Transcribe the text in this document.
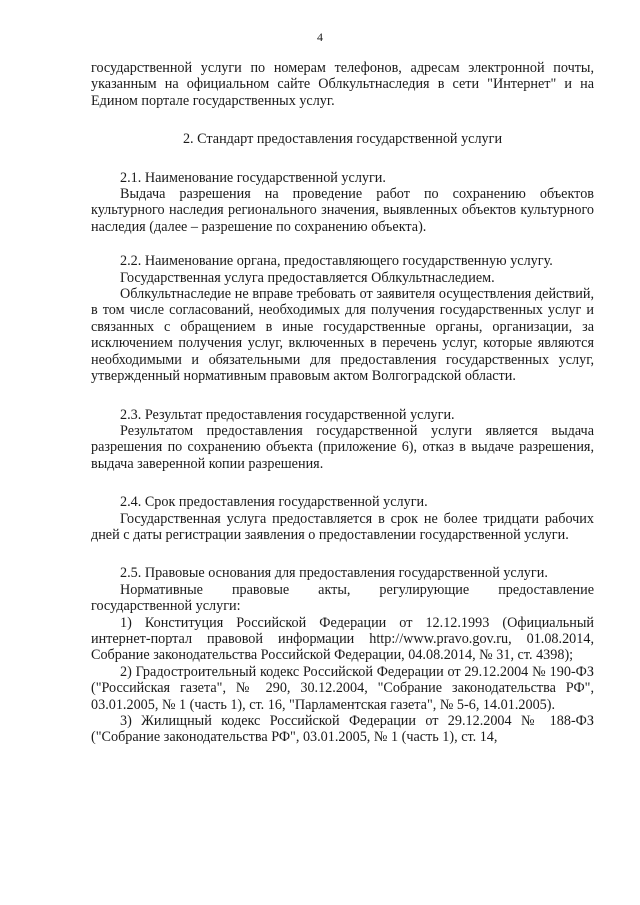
4

государственной услуги по номерам телефонов, адресам электронной почты, указанным на официальном сайте Облкультнаследия в сети "Интернет" и на Едином портале государственных услуг.

2. Стандарт предоставления государственной услуги

2.1. Наименование государственной услуги.

Выдача разрешения на проведение работ по сохранению объектов культурного наследия регионального значения, выявленных объектов культурного наследия (далее – разрешение по сохранению объекта).

2.2. Наименование органа, предоставляющего государственную услугу.

Государственная услуга предоставляется Облкультнаследием.

Облкультнаследие не вправе требовать от заявителя осуществления действий, в том числе согласований, необходимых для получения государственных услуг и связанных с обращением в иные государственные органы, организации, за исключением получения услуг, включенных в перечень услуг, которые являются необходимыми и обязательными для предоставления государственных услуг, утвержденный нормативным правовым актом Волгоградской области.

2.3. Результат предоставления государственной услуги.

Результатом предоставления государственной услуги является выдача разрешения по сохранению объекта (приложение 6), отказ в выдаче разрешения, выдача заверенной копии разрешения.

2.4. Срок предоставления государственной услуги.

Государственная услуга предоставляется в срок не более тридцати рабочих дней с даты регистрации заявления о предоставлении государственной услуги.

2.5. Правовые основания для предоставления государственной услуги.

Нормативные правовые акты, регулирующие предоставление государственной услуги:

1) Конституция Российской Федерации от 12.12.1993 (Официальный интернет-портал правовой информации http://www.pravo.gov.ru, 01.08.2014, Собрание законодательства Российской Федерации, 04.08.2014, № 31, ст. 4398);

2) Градостроительный кодекс Российской Федерации от 29.12.2004 № 190-ФЗ ("Российская газета", № 290, 30.12.2004, "Собрание законодательства РФ", 03.01.2005, № 1 (часть 1), ст. 16, "Парламентская газета", № 5-6, 14.01.2005).

3) Жилищный кодекс Российской Федерации от 29.12.2004 № 188-ФЗ ("Собрание законодательства РФ", 03.01.2005, № 1 (часть 1), ст. 14,
